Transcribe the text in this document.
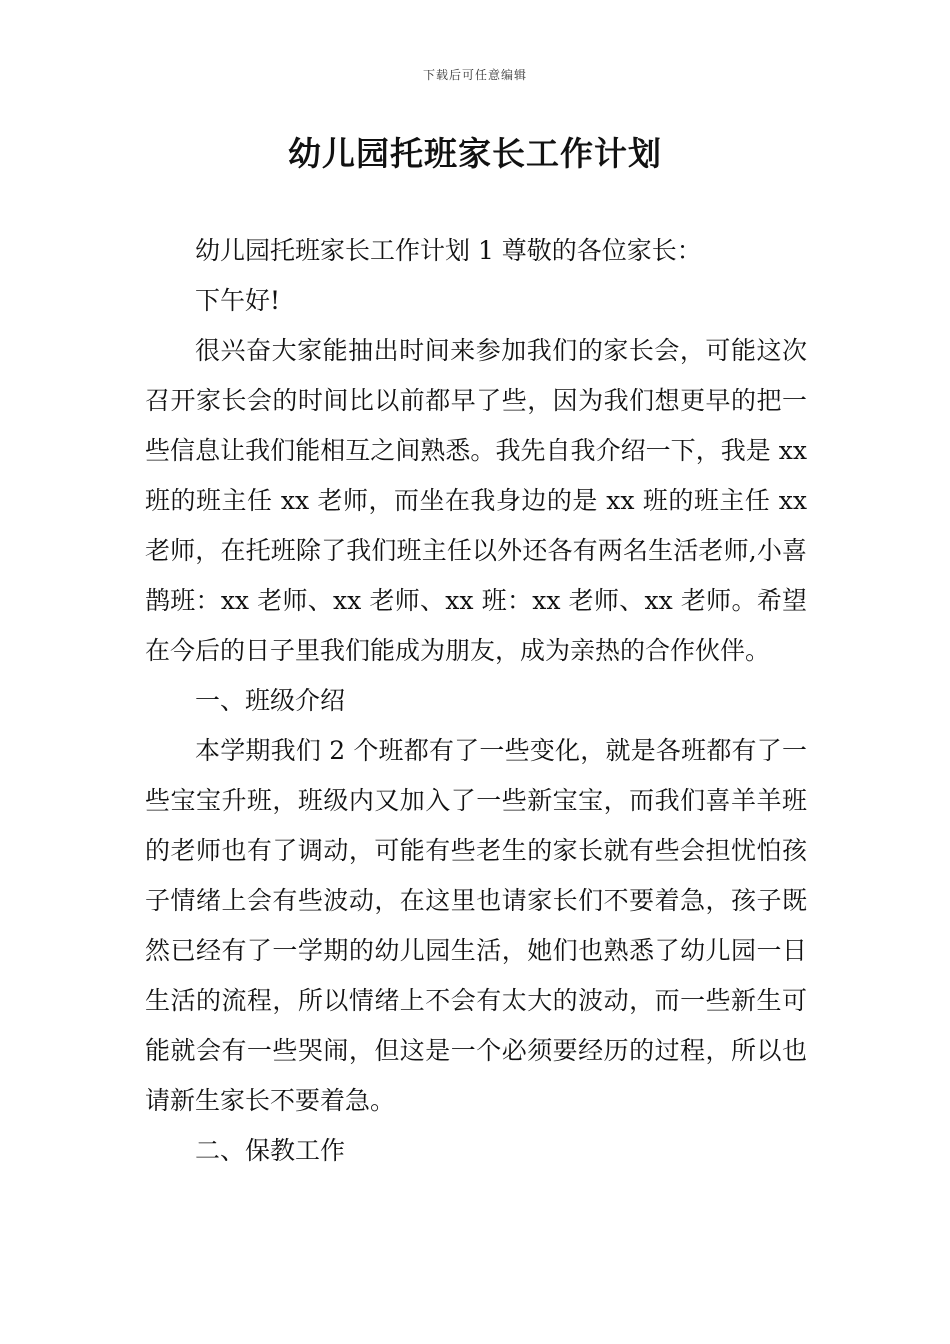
下载后可任意编辑
幼儿园托班家长工作计划

幼儿园托班家长工作计划 1 尊敬的各位家长：

下午好!

很兴奋大家能抽出时间来参加我们的家长会，可能这次召开家长会的时间比以前都早了些，因为我们想更早的把一些信息让我们能相互之间熟悉。我先自我介绍一下，我是 xx 班的班主任 xx 老师，而坐在我身边的是 xx 班的班主任 xx 老师，在托班除了我们班主任以外还各有两名生活老师,小喜鹊班：xx 老师、xx 老师、xx 班：xx 老师、xx 老师。希望在今后的日子里我们能成为朋友，成为亲热的合作伙伴。

一、班级介绍

本学期我们 2 个班都有了一些变化，就是各班都有了一些宝宝升班，班级内又加入了一些新宝宝，而我们喜羊羊班的老师也有了调动，可能有些老生的家长就有些会担忧怕孩子情绪上会有些波动，在这里也请家长们不要着急，孩子既然已经有了一学期的幼儿园生活，她们也熟悉了幼儿园一日生活的流程，所以情绪上不会有太大的波动，而一些新生可能就会有一些哭闹，但这是一个必须要经历的过程，所以也请新生家长不要着急。

二、保教工作
